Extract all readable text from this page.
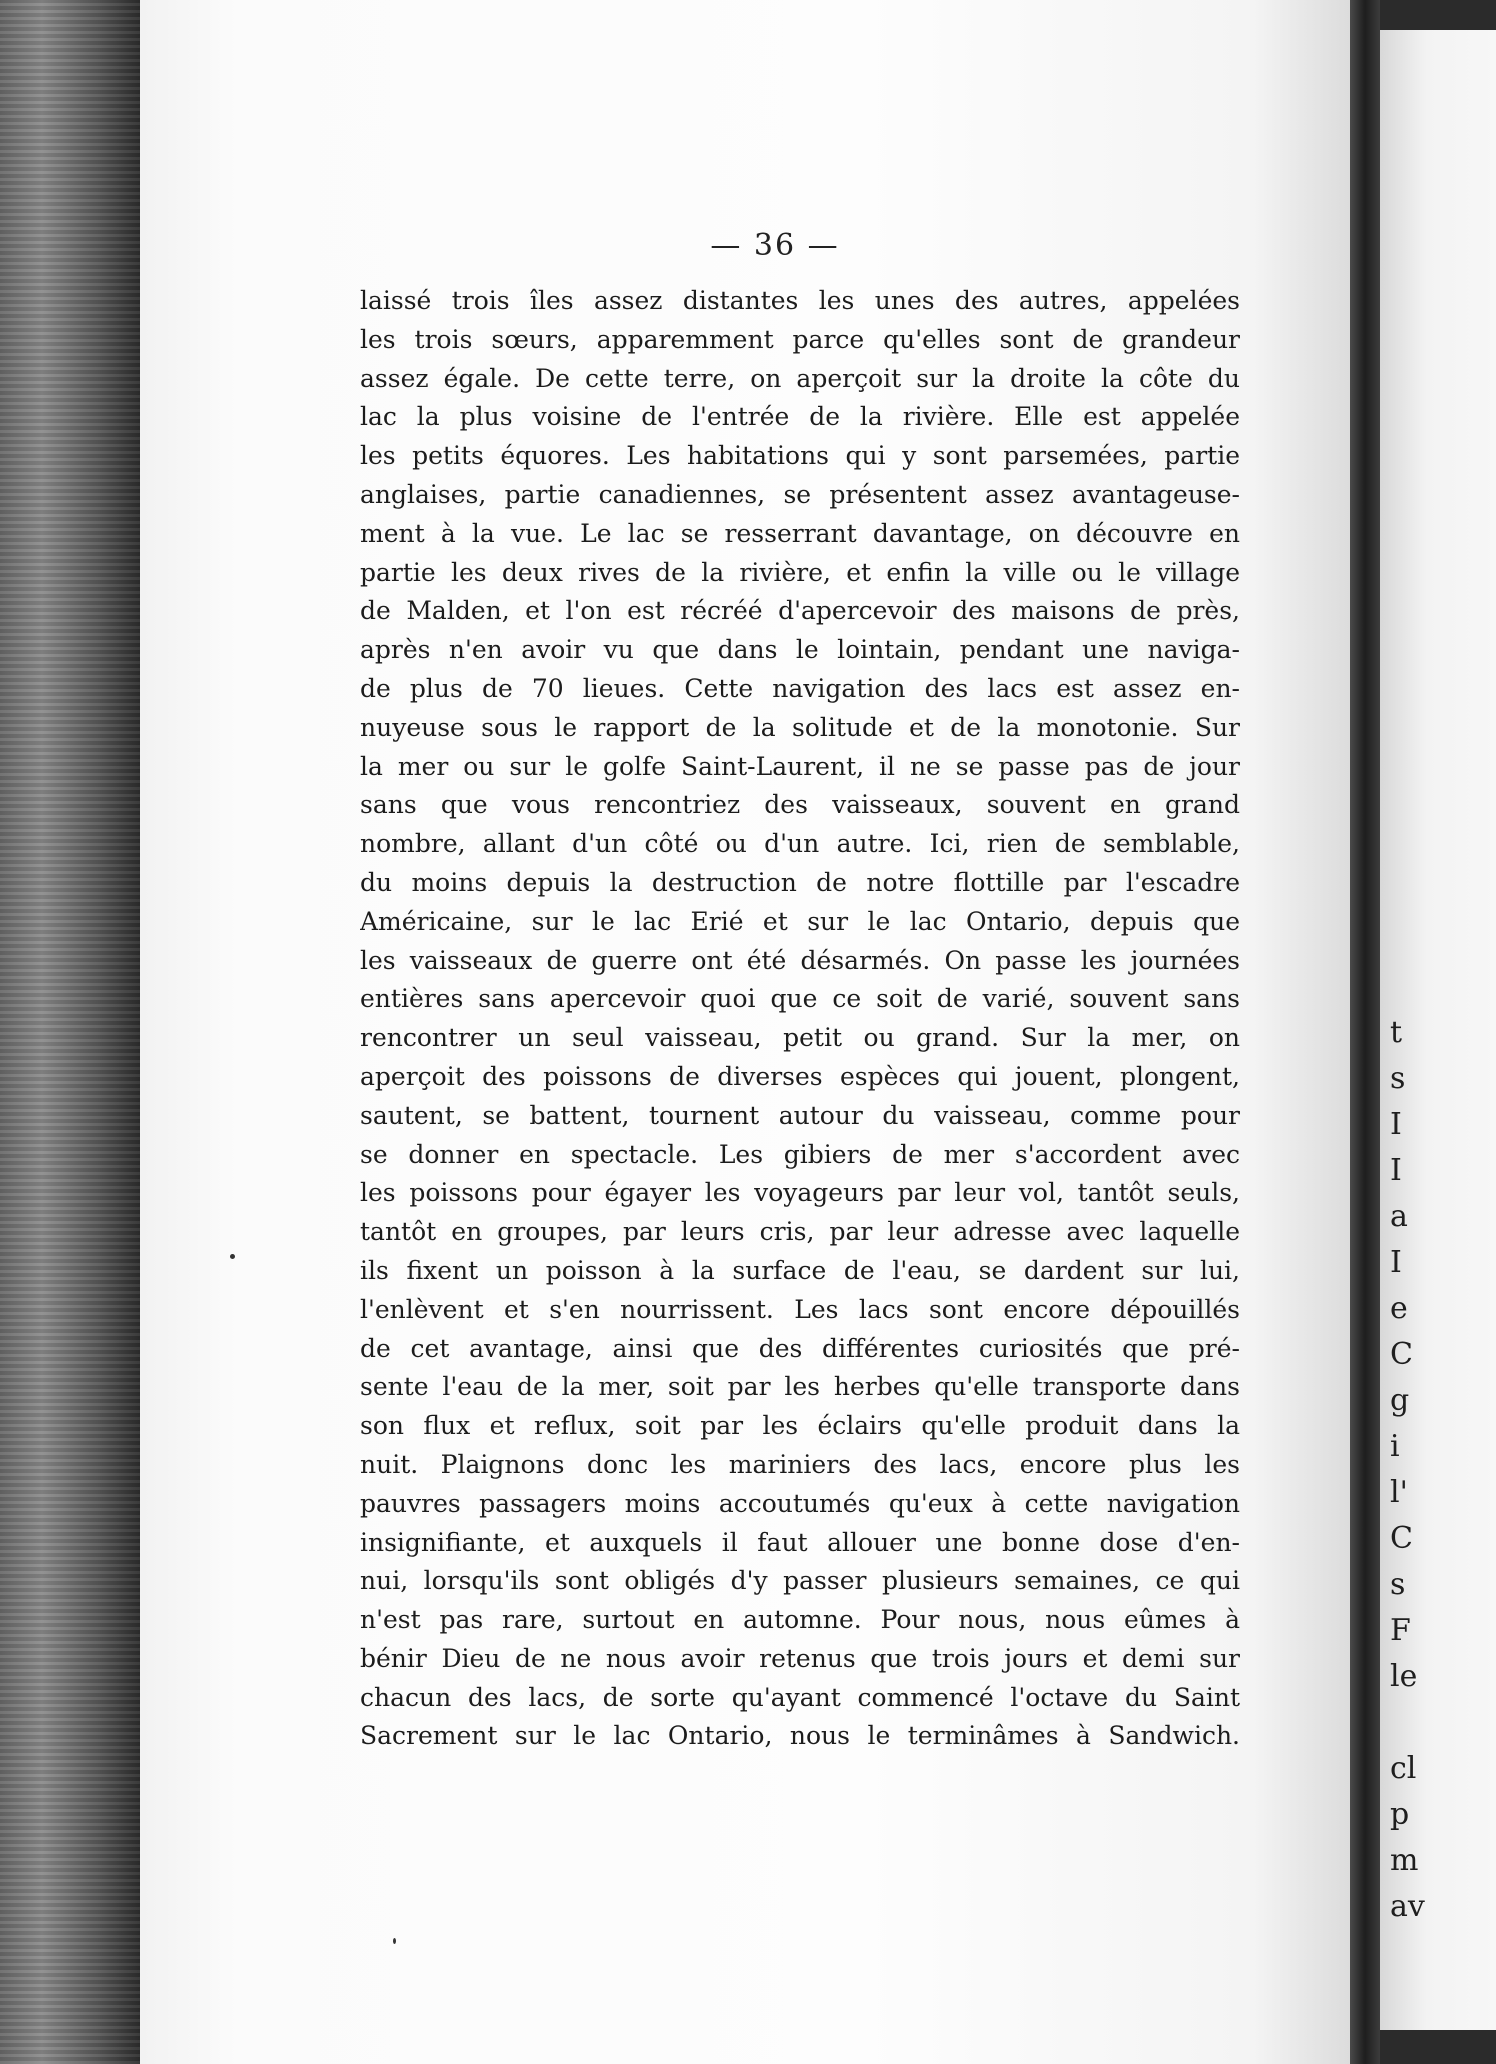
— 36 —
laissé trois îles assez distantes les unes des autres, appelées
les trois sœurs, apparemment parce qu'elles sont de grandeur
assez égale. De cette terre, on aperçoit sur la droite la côte du
lac la plus voisine de l'entrée de la rivière. Elle est appelée
les petits équores. Les habitations qui y sont parsemées, partie
anglaises, partie canadiennes, se présentent assez avantageuse-
ment à la vue. Le lac se resserrant davantage, on découvre en
partie les deux rives de la rivière, et enfin la ville ou le village
de Malden, et l'on est récréé d'apercevoir des maisons de près,
après n'en avoir vu que dans le lointain, pendant une naviga-
de plus de 70 lieues. Cette navigation des lacs est assez en-
nuyeuse sous le rapport de la solitude et de la monotonie. Sur
la mer ou sur le golfe Saint-Laurent, il ne se passe pas de jour
sans que vous rencontriez des vaisseaux, souvent en grand
nombre, allant d'un côté ou d'un autre. Ici, rien de semblable,
du moins depuis la destruction de notre flottille par l'escadre
Américaine, sur le lac Erié et sur le lac Ontario, depuis que
les vaisseaux de guerre ont été désarmés. On passe les journées
entières sans apercevoir quoi que ce soit de varié, souvent sans
rencontrer un seul vaisseau, petit ou grand. Sur la mer, on
aperçoit des poissons de diverses espèces qui jouent, plongent,
sautent, se battent, tournent autour du vaisseau, comme pour
se donner en spectacle. Les gibiers de mer s'accordent avec
les poissons pour égayer les voyageurs par leur vol, tantôt seuls,
tantôt en groupes, par leurs cris, par leur adresse avec laquelle
ils fixent un poisson à la surface de l'eau, se dardent sur lui,
l'enlèvent et s'en nourrissent. Les lacs sont encore dépouillés
de cet avantage, ainsi que des différentes curiosités que pré-
sente l'eau de la mer, soit par les herbes qu'elle transporte dans
son flux et reflux, soit par les éclairs qu'elle produit dans la
nuit. Plaignons donc les mariniers des lacs, encore plus les
pauvres passagers moins accoutumés qu'eux à cette navigation
insignifiante, et auxquels il faut allouer une bonne dose d'en-
nui, lorsqu'ils sont obligés d'y passer plusieurs semaines, ce qui
n'est pas rare, surtout en automne. Pour nous, nous eûmes à
bénir Dieu de ne nous avoir retenus que trois jours et demi sur
chacun des lacs, de sorte qu'ayant commencé l'octave du Saint
Sacrement sur le lac Ontario, nous le terminâmes à Sandwich.
t
s
I
I
a
I
e
C
g
i
l'
C
s
F
le
cl
p
m
av
